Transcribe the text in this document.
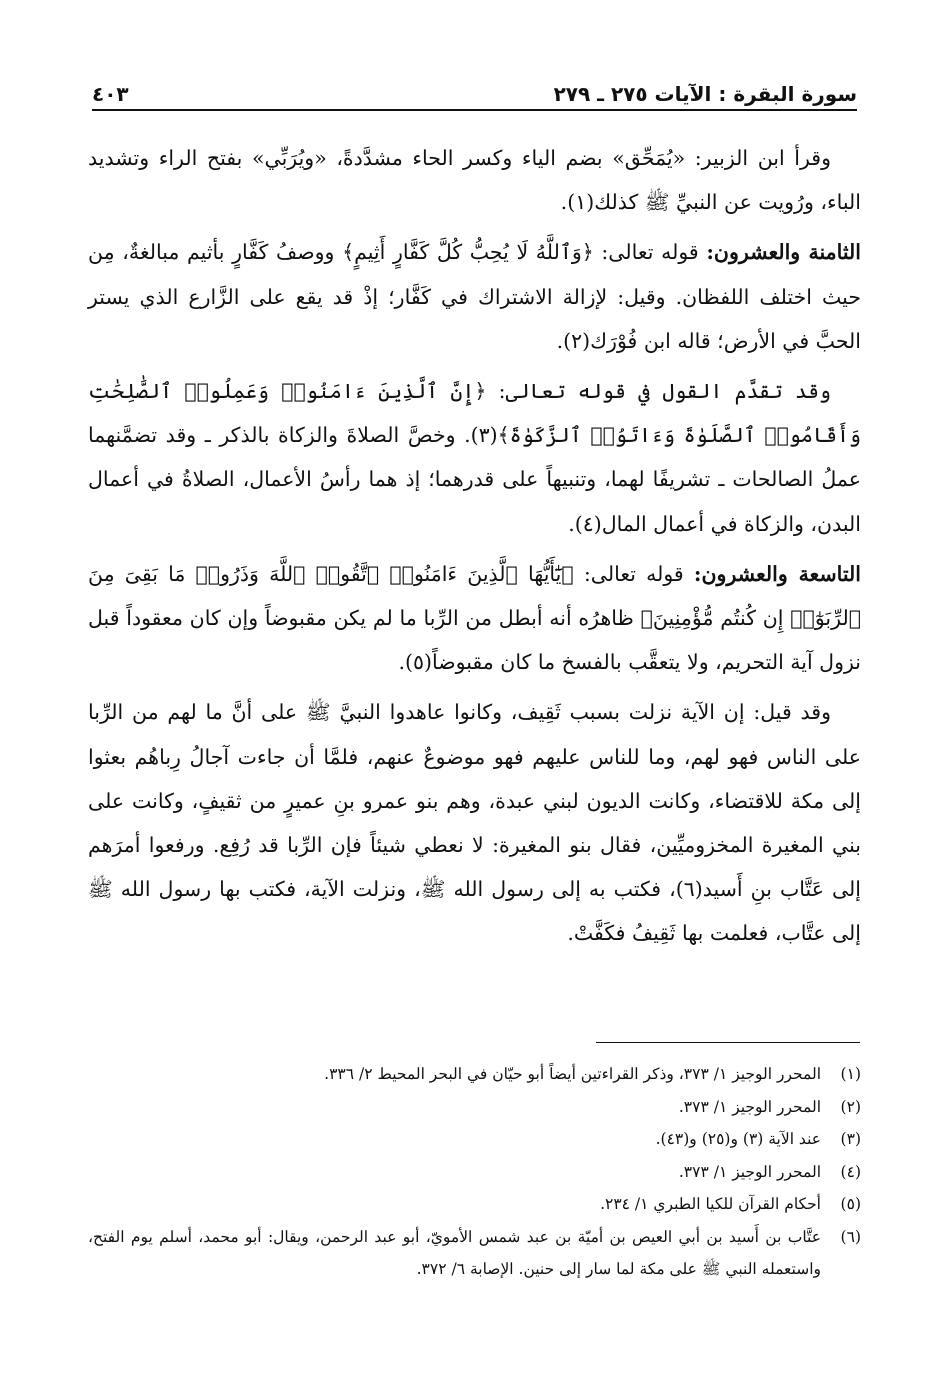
سورة البقرة : الآيات ٢٧٥ ـ ٢٧٩
٤٠٣

وقرأ ابن الزبير: «يُمَحِّق» بضم الياء وكسر الحاء مشدَّدةً، «ويُرَبِّي» بفتح الراء وتشديد الباء، ورُويت عن النبيِّ ﷺ كذلك(١).

الثامنة والعشرون: قوله تعالى: ﴿وَٱللَّهُ لَا يُحِبُّ كُلَّ كَفَّارٍ أَثِيمٍ﴾ ووصفُ كَفَّارٍ بأثيم مبالغةٌ، مِن حيث اختلف اللفظان. وقيل: لإزالة الاشتراك في كَفَّار؛ إذْ قد يقع على الزَّارع الذي يستر الحبَّ في الأرض؛ قاله ابن فُوْرَك(٢).

وقد تقدَّم القول في قوله تعالى: ﴿إِنَّ ٱلَّذِينَ ءَامَنُوا۟ وَعَمِلُوا۟ ٱلصَّٰلِحَٰتِ وَأَقَامُوا۟ ٱلصَّلَوٰةَ وَءَاتَوُا۟ ٱلزَّكَوٰةَ﴾(٣). وخصَّ الصلاةَ والزكاة بالذكر ـ وقد تضمَّنهما عملُ الصالحات ـ تشريفًا لهما، وتنبيهاً على قدرهما؛ إذ هما رأسُ الأعمال، الصلاةُ في أعمال البدن، والزكاة في أعمال المال(٤).

التاسعة والعشرون: قوله تعالى: ﴿يَٰٓأَيُّهَا ٱلَّذِينَ ءَامَنُوا۟ ٱتَّقُوا۟ ٱللَّهَ وَذَرُوا۟ مَا بَقِىَ مِنَ ٱلرِّبَوٰٓا۟ إِن كُنتُم مُّؤْمِنِينَ﴾ ظاهرُه أنه أبطل من الرِّبا ما لم يكن مقبوضاً وإن كان معقوداً قبل نزول آية التحريم، ولا يتعقَّب بالفسخ ما كان مقبوضاً(٥).

وقد قيل: إن الآية نزلت بسبب ثَقِيف، وكانوا عاهدوا النبيَّ ﷺ على أنَّ ما لهم من الرِّبا على الناس فهو لهم، وما للناس عليهم فهو موضوعٌ عنهم، فلمَّا أن جاءت آجالُ رِباهُم بعثوا إلى مكة للاقتضاء، وكانت الديون لبني عبدة، وهم بنو عمرو بنِ عميرٍ من ثقيفٍ، وكانت على بني المغيرة المخزوميِّين، فقال بنو المغيرة: لا نعطي شيئاً فإن الرِّبا قد رُفِع. ورفعوا أمرَهم إلى عَتَّاب بنِ أَسيد(٦)، فكتب به إلى رسول الله ﷺ، ونزلت الآية، فكتب بها رسول الله ﷺ إلى عتَّاب، فعلمت بها ثَقِيفُ فكَفَّتْ.

(١)
المحرر الوجيز ١/ ٣٧٣، وذكر القراءتين أيضاً أبو حيّان في البحر المحيط ٢/ ٣٣٦.
(٢)
المحرر الوجيز ١/ ٣٧٣.
(٣)
عند الآية (٣) و(٢٥) و(٤٣).
(٤)
المحرر الوجيز ١/ ٣٧٣.
(٥)
أحكام القرآن للكيا الطبري ١/ ٢٣٤.
(٦)
عتَّاب بن أَسيد بن أبي العيص بن أميّة بن عبد شمس الأمويّ، أبو عبد الرحمن، ويقال: أبو محمد، أسلم يوم الفتح، واستعمله النبي ﷺ على مكة لما سار إلى حنين. الإصابة ٦/ ٣٧٢.
